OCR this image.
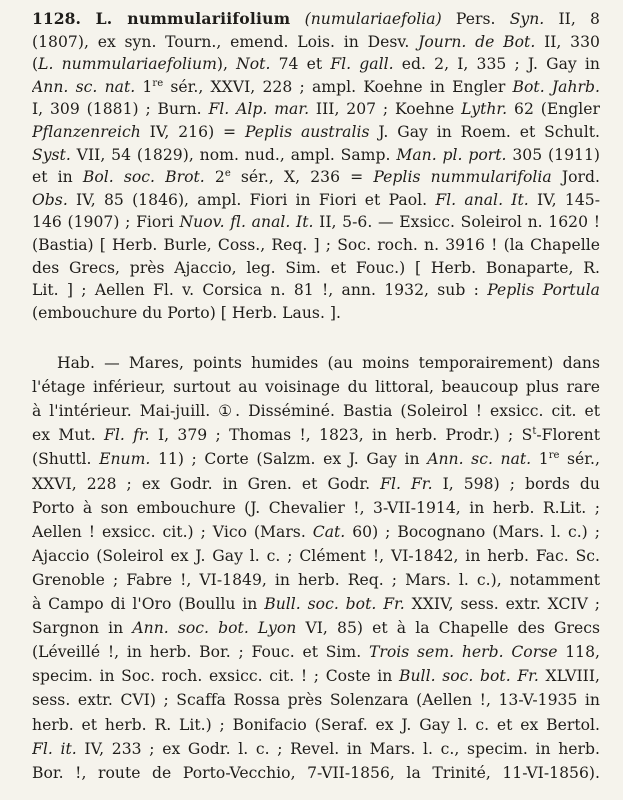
1128. L. nummulariifolium (numulariaefolia) Pers. Syn. II, 8
(1807), ex syn. Tourn., emend. Lois. in Desv. Journ. de Bot. II, 330
(L. nummulariaefolium), Not. 74 et Fl. gall. ed. 2, I, 335 ; J. Gay in
Ann. sc. nat. 1re sér., XXVI, 228 ; ampl. Koehne in Engler Bot. Jahrb.
I, 309 (1881) ; Burn. Fl. Alp. mar. III, 207 ; Koehne Lythr. 62 (Engler
Pflanzenreich IV, 216) = Peplis australis J. Gay in Roem. et Schult.
Syst. VII, 54 (1829), nom. nud., ampl. Samp. Man. pl. port. 305 (1911)
et in Bol. soc. Brot. 2e sér., X, 236 = Peplis nummularifolia Jord.
Obs. IV, 85 (1846), ampl. Fiori in Fiori et Paol. Fl. anal. It. IV, 145-
146 (1907) ; Fiori Nuov. fl. anal. It. II, 5-6. — Exsicc. Soleirol n. 1620 !
(Bastia) [ Herb. Burle, Coss., Req. ] ; Soc. roch. n. 3916 ! (la Chapelle
des Grecs, près Ajaccio, leg. Sim. et Fouc.) [ Herb. Bonaparte, R.
Lit. ] ; Aellen Fl. v. Corsica n. 81 !, ann. 1932, sub : Peplis Portula
(embouchure du Porto) [ Herb. Laus. ].
Hab. — Mares, points humides (au moins temporairement) dans
l'étage inférieur, surtout au voisinage du littoral, beaucoup plus rare
à l'intérieur. Mai-juill. ①. Disséminé. Bastia (Soleirol ! exsicc. cit. et
ex Mut. Fl. fr. I, 379 ; Thomas !, 1823, in herb. Prodr.) ; $S^t$-Florent
(Shuttl. Enum. 11) ; Corte (Salzm. ex J. Gay in Ann. sc. nat. 1re sér.,
XXVI, 228 ; ex Godr. in Gren. et Godr. Fl. Fr. I, 598) ; bords du
Porto à son embouchure (J. Chevalier !, 3-VII-1914, in herb. R.Lit. ;
Aellen ! exsicc. cit.) ; Vico (Mars. Cat. 60) ; Bocognano (Mars. l. c.) ;
Ajaccio (Soleirol ex J. Gay l. c. ; Clément !, VI-1842, in herb. Fac. Sc.
Grenoble ; Fabre !, VI-1849, in herb. Req. ; Mars. l. c.), notamment
à Campo di l'Oro (Boullu in Bull. soc. bot. Fr. XXIV, sess. extr. XCIV ;
Sargnon in Ann. soc. bot. Lyon VI, 85) et à la Chapelle des Grecs
(Léveillé !, in herb. Bor. ; Fouc. et Sim. Trois sem. herb. Corse 118,
specim. in Soc. roch. exsicc. cit. ! ; Coste in Bull. soc. bot. Fr. XLVIII,
sess. extr. CVI) ; Scaffa Rossa près Solenzara (Aellen !, 13-V-1935 in
herb. et herb. R. Lit.) ; Bonifacio (Seraf. ex J. Gay l. c. et ex Bertol.
Fl. it. IV, 233 ; ex Godr. l. c. ; Revel. in Mars. l. c., specim. in herb.
Bor. !, route de Porto-Vecchio, 7-VII-1856, la Trinité, 11-VI-1856).
